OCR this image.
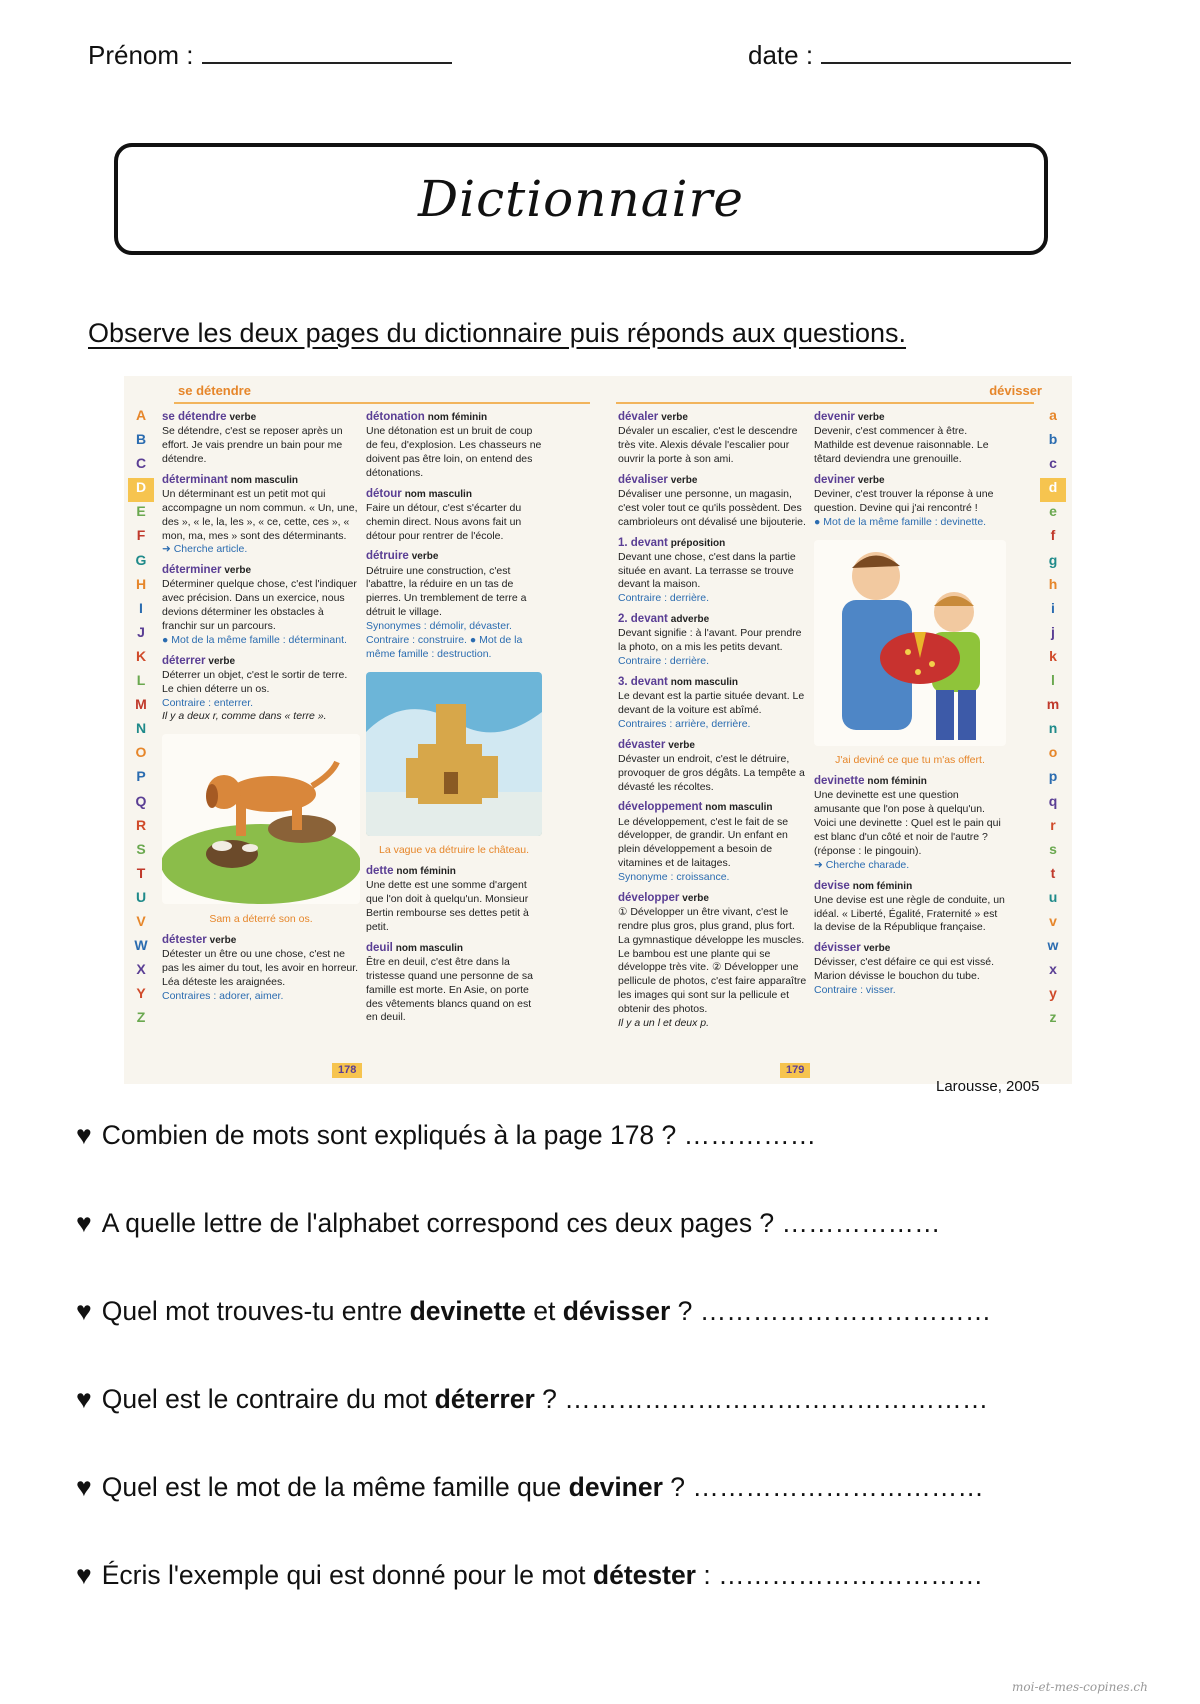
Prénom :	date :
Dictionnaire
Observe les deux pages du dictionnaire puis réponds aux questions.
se détendre
A
B
C
D
E
F
G
H
I
J
K
L
M
N
O
P
Q
R
S
T
U
V
W
X
Y
Z
se détendre verbe
Se détendre, c'est se reposer après un effort. Je vais prendre un bain pour me détendre.
déterminant nom masculin
Un déterminant est un petit mot qui accompagne un nom commun. « Un, une, des », « le, la, les », « ce, cette, ces », « mon, ma, mes » sont des déterminants.
➜ Cherche article.
déterminer verbe
Déterminer quelque chose, c'est l'indiquer avec précision. Dans un exercice, nous devions déterminer les obstacles à franchir sur un parcours.
● Mot de la même famille : déterminant.
déterrer verbe
Déterrer un objet, c'est le sortir de terre. Le chien déterre un os.
Contraire : enterrer.
Il y a deux r, comme dans « terre ».
Sam a déterré son os.
détester verbe
Détester un être ou une chose, c'est ne pas les aimer du tout, les avoir en horreur. Léa déteste les araignées.
Contraires : adorer, aimer.
détonation nom féminin
Une détonation est un bruit de coup de feu, d'explosion. Les chasseurs ne doivent pas être loin, on entend des détonations.
détour nom masculin
Faire un détour, c'est s'écarter du chemin direct. Nous avons fait un détour pour rentrer de l'école.
détruire verbe
Détruire une construction, c'est l'abattre, la réduire en un tas de pierres. Un tremblement de terre a détruit le village.
Synonymes : démolir, dévaster. Contraire : construire. ● Mot de la même famille : destruction.
La vague va détruire le château.
dette nom féminin
Une dette est une somme d'argent que l'on doit à quelqu'un. Monsieur Bertin rembourse ses dettes petit à petit.
deuil nom masculin
Être en deuil, c'est être dans la tristesse quand une personne de sa famille est morte. En Asie, on porte des vêtements blancs quand on est en deuil.
178
dévisser
dévaler verbe
Dévaler un escalier, c'est le descendre très vite. Alexis dévale l'escalier pour ouvrir la porte à son ami.
dévaliser verbe
Dévaliser une personne, un magasin, c'est voler tout ce qu'ils possèdent. Des cambrioleurs ont dévalisé une bijouterie.
1. devant préposition
Devant une chose, c'est dans la partie située en avant. La terrasse se trouve devant la maison.
Contraire : derrière.
2. devant adverbe
Devant signifie : à l'avant. Pour prendre la photo, on a mis les petits devant.
Contraire : derrière.
3. devant nom masculin
Le devant est la partie située devant. Le devant de la voiture est abîmé.
Contraires : arrière, derrière.
dévaster verbe
Dévaster un endroit, c'est le détruire, provoquer de gros dégâts. La tempête a dévasté les récoltes.
développement nom masculin
Le développement, c'est le fait de se développer, de grandir. Un enfant en plein développement a besoin de vitamines et de laitages.
Synonyme : croissance.
développer verbe
① Développer un être vivant, c'est le rendre plus gros, plus grand, plus fort. La gymnastique développe les muscles. Le bambou est une plante qui se développe très vite. ② Développer une pellicule de photos, c'est faire apparaître les images qui sont sur la pellicule et obtenir des photos.
Il y a un l et deux p.
devenir verbe
Devenir, c'est commencer à être. Mathilde est devenue raisonnable. Le têtard deviendra une grenouille.
deviner verbe
Deviner, c'est trouver la réponse à une question. Devine qui j'ai rencontré !
● Mot de la même famille : devinette.
J'ai deviné ce que tu m'as offert.
devinette nom féminin
Une devinette est une question amusante que l'on pose à quelqu'un. Voici une devinette : Quel est le pain qui est blanc d'un côté et noir de l'autre ? (réponse : le pingouin).
➜ Cherche charade.
devise nom féminin
Une devise est une règle de conduite, un idéal. « Liberté, Égalité, Fraternité » est la devise de la République française.
dévisser verbe
Dévisser, c'est défaire ce qui est vissé. Marion dévisse le bouchon du tube.
Contraire : visser.
a
b
c
d
e
f
g
h
i
j
k
l
m
n
o
p
q
r
s
t
u
v
w
x
y
z
179
Larousse, 2005
♥ Combien de mots sont expliqués à la page 178 ? ……………
♥ A quelle lettre de l'alphabet correspond ces deux pages ? ………………
♥ Quel mot trouves-tu entre devinette et dévisser ? ……………………………
♥ Quel est le contraire du mot déterrer ? …………………………………………
♥ Quel est le mot de la même famille que deviner ? ……………………………
♥ Écris l'exemple qui est donné pour le mot détester : …………………………
moi-et-mes-copines.ch
